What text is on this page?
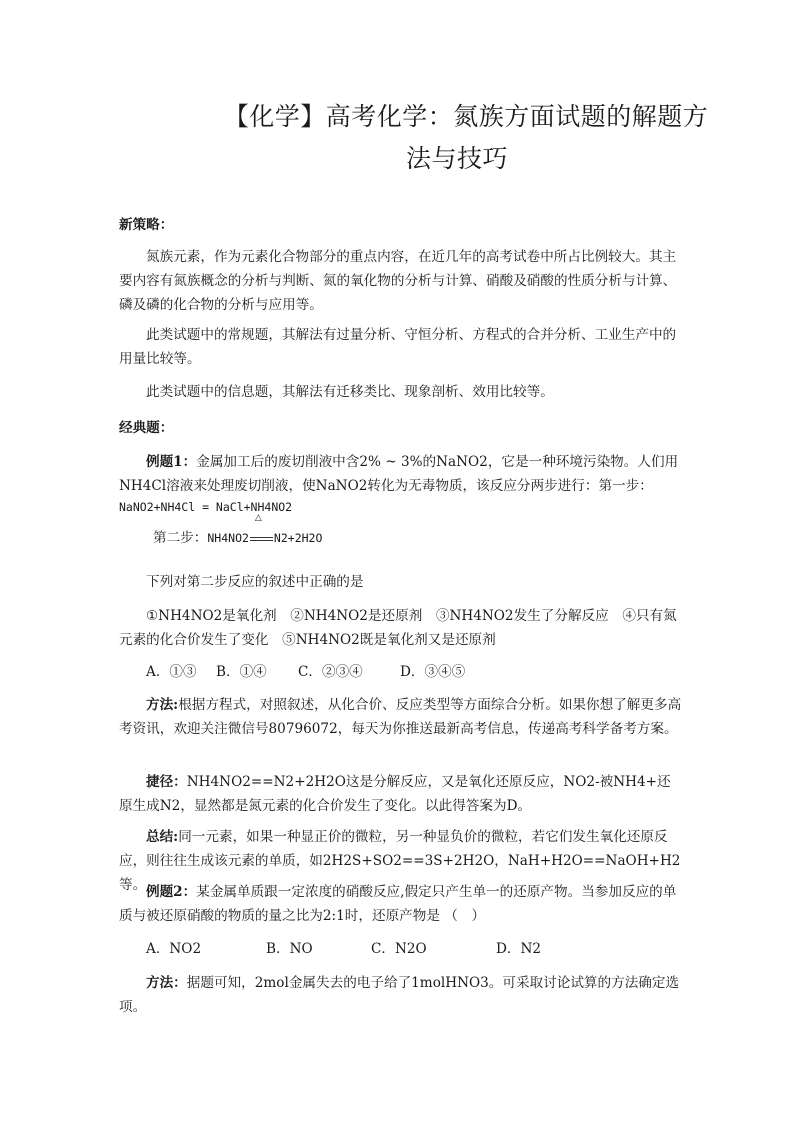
【化学】高考化学：氮族方面试题的解题方
法与技巧
新策略：
氮族元素，作为元素化合物部分的重点内容，在近几年的高考试卷中所占比例较大。其主要内容有氮族概念的分析与判断、氮的氧化物的分析与计算、硝酸及硝酸的性质分析与计算、磷及磷的化合物的分析与应用等。
此类试题中的常规题，其解法有过量分析、守恒分析、方程式的合并分析、工业生产中的用量比较等。
此类试题中的信息题，其解法有迁移类比、现象剖析、效用比较等。
经典题：
例题1：金属加工后的废切削液中含2% ~ 3%的NaNO2，它是一种环境污染物。人们用NH4Cl溶液来处理废切削液，使NaNO2转化为无毒物质，该反应分两步进行：第一步：
NaNO2+NH4Cl = NaCl+NH4NO2
第二步：NH4NO2
△
N2+2H2O
下列对第二步反应的叙述中正确的是
①NH4NO2是氧化剂　②NH4NO2是还原剂　③NH4NO2发生了分解反应　④只有氮元素的化合价发生了变化　⑤NH4NO2既是氧化剂又是还原剂
A．①③ B．①④ C．②③④	D．③④⑤
方法:根据方程式，对照叙述，从化合价、反应类型等方面综合分析。如果你想了解更多高考资讯，欢迎关注微信号80796072，每天为你推送最新高考信息，传递高考科学备考方案。
捷径：NH4NO2==N2+2H2O这是分解反应，又是氧化还原反应，NO2-被NH4+还原生成N2，显然都是氮元素的化合价发生了变化。以此得答案为D。
总结:同一元素，如果一种显正价的微粒，另一种显负价的微粒，若它们发生氧化还原反应，则往往生成该元素的单质，如2H2S+SO2==3S+2H2O，NaH+H2O==NaOH+H2等。 例题2：某金属单质跟一定浓度的硝酸反应,假定只产生单一的还原产物。当参加反应的单质与被还原硝酸的物质的量之比为2:1时，还原产物是 （　）
A．NO2	B．NO	C．N2O	D．N2
方法：据题可知，2mol金属失去的电子给了1molHNO3。可采取讨论试算的方法确定选项。
